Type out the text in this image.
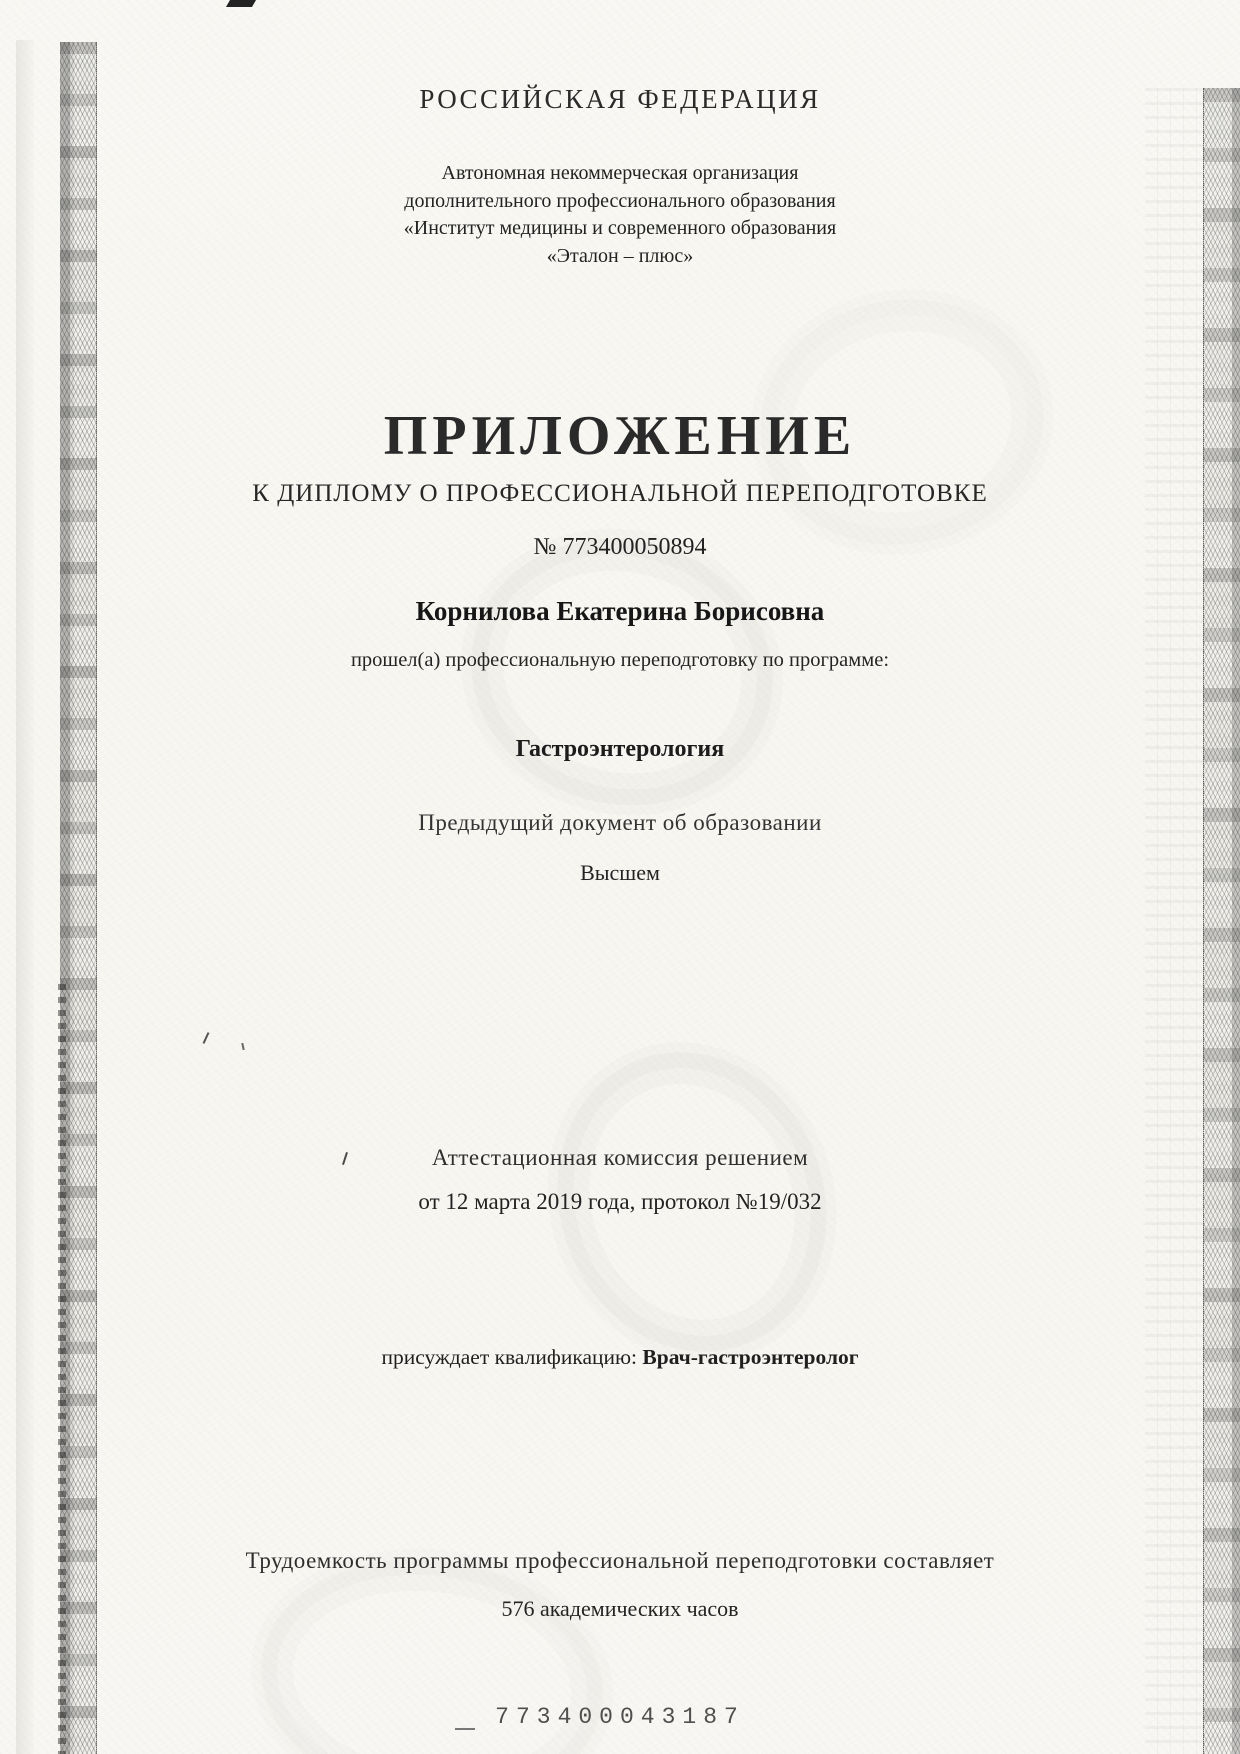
РОССИЙСКАЯ ФЕДЕРАЦИЯ
Автономная некоммерческая организация
дополнительного профессионального образования
«Институт медицины и современного образования
«Эталон – плюс»
ПРИЛОЖЕНИЕ
К ДИПЛОМУ О ПРОФЕССИОНАЛЬНОЙ ПЕРЕПОДГОТОВКЕ
№ 773400050894
Корнилова Екатерина Борисовна
прошел(а) профессиональную переподготовку по программе:
Гастроэнтерология
Предыдущий документ об образовании
Высшем
Аттестационная комиссия решением
от 12 марта 2019 года, протокол №19/032
присуждает квалификацию: Врач-гастроэнтеролог
Трудоемкость программы профессиональной переподготовки составляет
576 академических часов
773400043187
